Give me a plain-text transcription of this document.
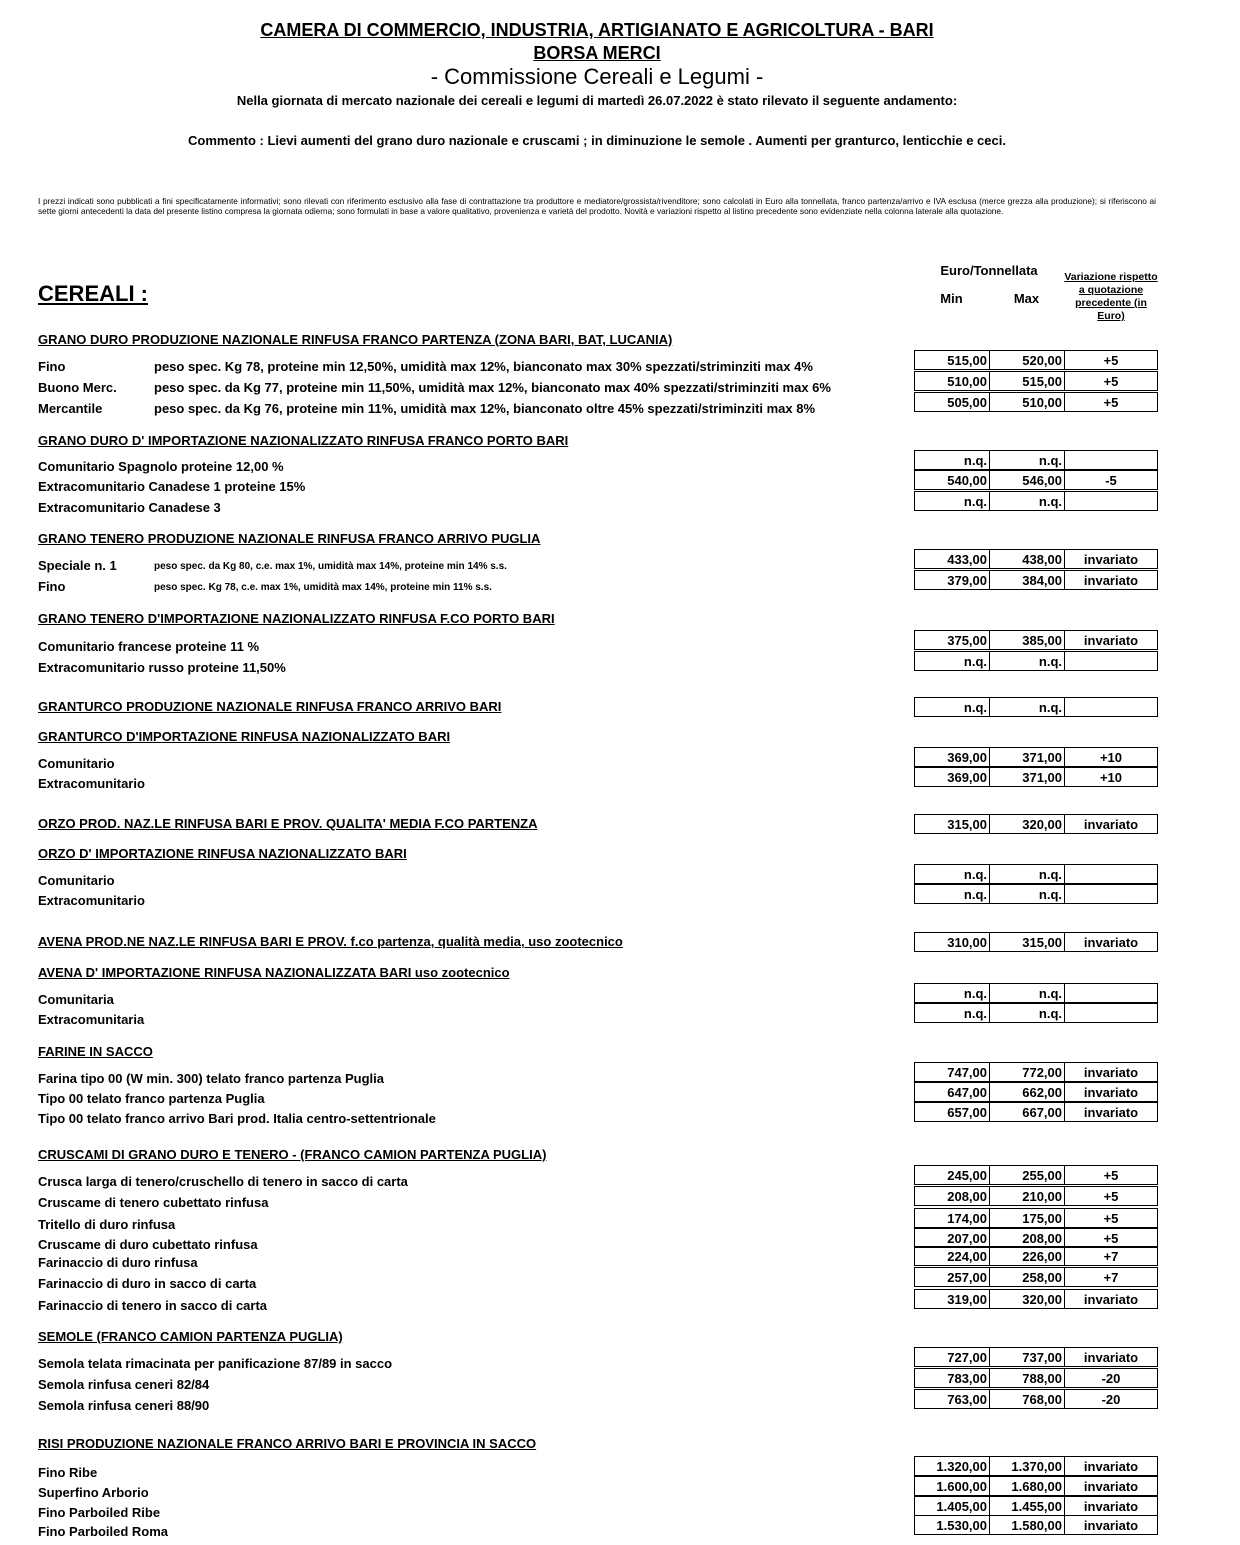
CAMERA DI COMMERCIO, INDUSTRIA, ARTIGIANATO E AGRICOLTURA - BARI
BORSA MERCI
- Commissione Cereali e Legumi -
Nella giornata di mercato nazionale dei cereali e legumi di martedì 26.07.2022 è stato rilevato il seguente andamento:
Commento : Lievi aumenti del grano duro nazionale e cruscami ; in diminuzione le semole . Aumenti per granturco, lenticchie e ceci.
I prezzi indicati sono pubblicati a fini specificatamente informativi; sono rilevati con riferimento esclusivo alla fase di contrattazione tra produttore e mediatore/grossista/rivenditore; sono calcolati in Euro alla tonnellata, franco partenza/arrivo e IVA esclusa (merce grezza alla produzione); si riferiscono ai sette giorni antecedenti la data del presente listino compresa la giornata odierna; sono formulati in base a valore qualitativo, provenienza e varietà del prodotto. Novità e variazioni rispetto al listino precedente sono evidenziate nella colonna laterale alla quotazione.
CEREALI :
Euro/Tonnellata
Min	Max
Variazione rispetto a quotazione precedente (in Euro)
GRANO DURO PRODUZIONE NAZIONALE RINFUSA FRANCO PARTENZA (ZONA BARI, BAT, LUCANIA)
Fino	peso spec. Kg 78, proteine min 12,50%, umidità max 12%, bianconato max 30% spezzati/striminziti max 4%	515,00	520,00	+5
Buono Merc.	peso spec. da Kg 77, proteine min 11,50%, umidità max 12%, bianconato max 40% spezzati/striminziti max 6%	510,00	515,00	+5
Mercantile	peso spec. da Kg 76, proteine min 11%, umidità max 12%, bianconato oltre 45% spezzati/striminziti max 8%	505,00	510,00	+5
GRANO DURO D' IMPORTAZIONE NAZIONALIZZATO RINFUSA FRANCO PORTO BARI
Comunitario Spagnolo proteine 12,00 %	n.q.	n.q.
Extracomunitario Canadese 1 proteine 15%	540,00	546,00	-5
Extracomunitario Canadese 3	n.q.	n.q.
GRANO TENERO PRODUZIONE NAZIONALE RINFUSA FRANCO ARRIVO PUGLIA
Speciale n. 1	peso spec. da Kg 80, c.e. max 1%, umidità max 14%, proteine min 14% s.s.	433,00	438,00	invariato
Fino	peso spec. Kg 78, c.e. max 1%, umidità max 14%, proteine min 11% s.s.	379,00	384,00	invariato
GRANO TENERO D'IMPORTAZIONE NAZIONALIZZATO RINFUSA F.CO PORTO BARI
Comunitario francese proteine 11 %	375,00	385,00	invariato
Extracomunitario russo proteine 11,50%	n.q.	n.q.
GRANTURCO PRODUZIONE NAZIONALE RINFUSA FRANCO ARRIVO BARI	n.q.	n.q.
GRANTURCO D'IMPORTAZIONE RINFUSA NAZIONALIZZATO BARI
Comunitario	369,00	371,00	+10
Extracomunitario	369,00	371,00	+10
ORZO PROD. NAZ.LE RINFUSA BARI E PROV. QUALITA' MEDIA F.CO PARTENZA	315,00	320,00	invariato
ORZO D' IMPORTAZIONE RINFUSA NAZIONALIZZATO BARI
Comunitario	n.q.	n.q.
Extracomunitario	n.q.	n.q.
AVENA PROD.NE NAZ.LE RINFUSA BARI E PROV. f.co partenza, qualità media, uso zootecnico	310,00	315,00	invariato
AVENA D' IMPORTAZIONE RINFUSA NAZIONALIZZATA BARI uso zootecnico
Comunitaria	n.q.	n.q.
Extracomunitaria	n.q.	n.q.
FARINE IN SACCO
Farina tipo 00 (W min. 300) telato franco partenza Puglia	747,00	772,00	invariato
Tipo 00 telato franco partenza Puglia	647,00	662,00	invariato
Tipo 00 telato franco arrivo Bari prod. Italia centro-settentrionale	657,00	667,00	invariato
CRUSCAMI DI GRANO DURO E TENERO - (FRANCO CAMION PARTENZA PUGLIA)
Crusca larga di tenero/cruschello di tenero in sacco di carta	245,00	255,00	+5
Cruscame di tenero cubettato rinfusa	208,00	210,00	+5
Tritello di duro rinfusa	174,00	175,00	+5
Cruscame di duro cubettato rinfusa	207,00	208,00	+5
Farinaccio di duro rinfusa	224,00	226,00	+7
Farinaccio di duro in sacco di carta	257,00	258,00	+7
Farinaccio di tenero in sacco di carta	319,00	320,00	invariato
SEMOLE (FRANCO CAMION PARTENZA PUGLIA)
Semola telata rimacinata per panificazione 87/89 in sacco	727,00	737,00	invariato
Semola rinfusa ceneri 82/84	783,00	788,00	-20
Semola rinfusa ceneri 88/90	763,00	768,00	-20
RISI PRODUZIONE NAZIONALE FRANCO ARRIVO BARI E PROVINCIA IN SACCO
Fino Ribe	1.320,00	1.370,00	invariato
Superfino Arborio	1.600,00	1.680,00	invariato
Fino Parboiled Ribe	1.405,00	1.455,00	invariato
Fino Parboiled Roma	1.530,00	1.580,00	invariato
